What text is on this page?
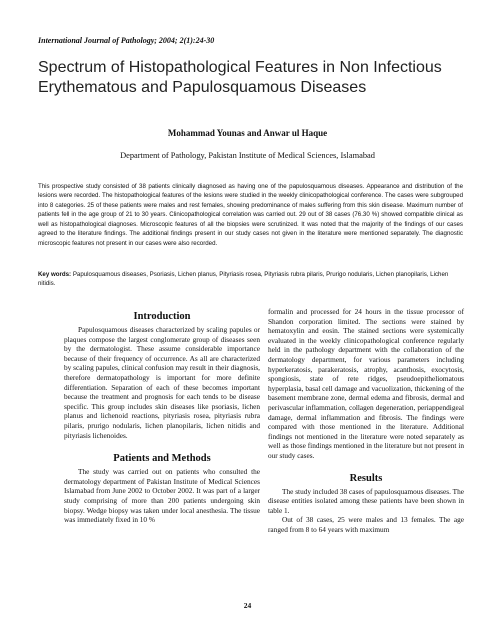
International Journal of Pathology; 2004; 2(1):24-30
Spectrum of Histopathological Features in Non Infectious Erythematous and Papulosquamous Diseases
Mohammad Younas and Anwar ul Haque
Department of Pathology, Pakistan Institute of Medical Sciences, Islamabad

This prospective study consisted of 38 patients clinically diagnosed as having one of the papulosquamous diseases. Appearance and distribution of the lesions were recorded. The histopathological features of the lesions were studied in the weekly clinicopathological conference. The cases were subgrouped into 8 categories. 25 of these patients were males and rest females, showing predominance of males suffering from this skin disease. Maximum number of patients fell in the age group of 21 to 30 years. Clinicopathological correlation was carried out. 29 out of 38 cases (76.30 %) showed compatible clinical as well as histopathological diagnoses. Microscopic features of all the biopsies were scrutinized. It was noted that the majority of the findings of our cases agreed to the literature findings. The additional findings present in our study cases not given in the literature were mentioned separately. The diagnostic microscopic features not present in our cases were also recorded.

Key words: Papulosquamous diseases, Psoriasis, Lichen planus, Pityriasis rosea, Pityriasis rubra pilaris, Prurigo nodularis, Lichen planopilaris, Lichen nitidis.

Introduction

Papulosquamous diseases characterized by scaling papules or plaques compose the largest conglomerate group of diseases seen by the dermatologist. These assume considerable importance because of their frequency of occurrence. As all are characterized by scaling papules, clinical confusion may result in their diagnosis, therefore dermatopathology is important for more definite differentiation. Separation of each of these becomes important because the treatment and prognosis for each tends to be disease specific. This group includes skin diseases like psoriasis, lichen planus and lichenoid reactions, pityriasis rosea, pityriasis rubra pilaris, prurigo nodularis, lichen planopilaris, lichen nitidis and pityriasis lichenoides.

Patients and Methods

The study was carried out on patients who consulted the dermatology department of Pakistan Institute of Medical Sciences Islamabad from June 2002 to October 2002. It was part of a larger study comprising of more than 200 patients undergoing skin biopsy. Wedge biopsy was taken under local anesthesia. The tissue was immediately fixed in 10 %

formalin and processed for 24 hours in the tissue processor of Shandon corporation limited. The sections were stained by hematoxylin and eosin. The stained sections were systemically evaluated in the weekly clinicopathological conference regularly held in the pathology department with the collaboration of the dermatology department, for various parameters including hyperkeratosis, parakeratosis, atrophy, acanthosis, exocytosis, spongiosis, state of rete ridges, pseudoepitheliomatous hyperplasia, basal cell damage and vacuolization, thickening of the basement membrane zone, dermal edema and fibrosis, dermal and perivascular inflammation, collagen degeneration, periappendigeal damage, dermal inflammation and fibrosis. The findings were compared with those mentioned in the literature. Additional findings not mentioned in the literature were noted separately as well as those findings mentioned in the literature but not present in our study cases.

Results

The study included 38 cases of papulosquamous diseases. The disease entities isolated among these patients have been shown in table 1.

Out of 38 cases, 25 were males and 13 females. The age ranged from 8 to 64 years with maximum

24
